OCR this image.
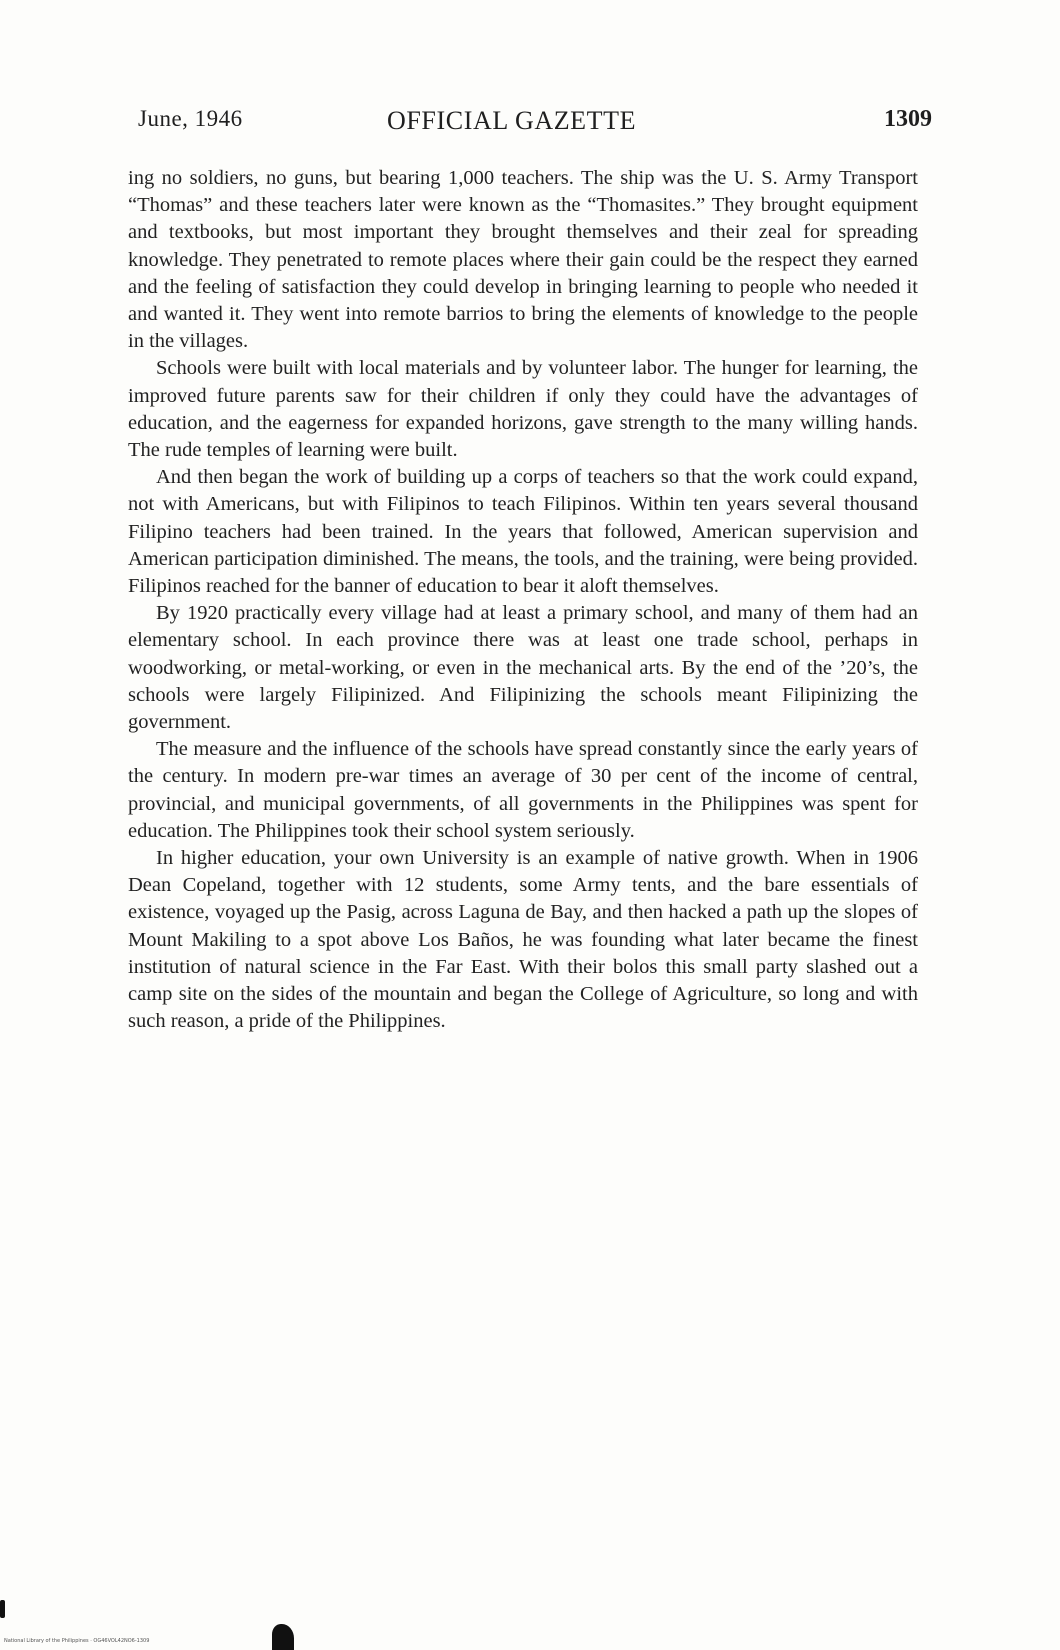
June, 1946	OFFICIAL GAZETTE	1309

ing no soldiers, no guns, but bearing 1,000 teachers. The ship was the U. S. Army Transport “Thomas” and these teachers later were known as the “Thomasites.” They brought equipment and textbooks, but most important they brought themselves and their zeal for spreading knowledge. They penetrated to remote places where their gain could be the respect they earned and the feeling of satisfaction they could develop in bringing learning to people who needed it and wanted it. They went into remote barrios to bring the elements of knowledge to the people in the villages.

Schools were built with local materials and by volunteer labor. The hunger for learning, the improved future parents saw for their children if only they could have the advantages of education, and the eagerness for expanded horizons, gave strength to the many willing hands. The rude temples of learning were built.

And then began the work of building up a corps of teachers so that the work could expand, not with Americans, but with Filipinos to teach Filipinos. Within ten years several thousand Filipino teachers had been trained. In the years that followed, American supervision and American participation diminished. The means, the tools, and the training, were being provided. Filipinos reached for the banner of education to bear it aloft themselves.

By 1920 practically every village had at least a primary school, and many of them had an elementary school. In each province there was at least one trade school, perhaps in woodworking, or metal-working, or even in the mechanical arts. By the end of the ’20’s, the schools were largely Filipinized. And Filipinizing the schools meant Filipinizing the government.

The measure and the influence of the schools have spread constantly since the early years of the century. In modern pre-war times an average of 30 per cent of the income of central, provincial, and municipal governments, of all governments in the Philippines was spent for education. The Philippines took their school system seriously.

In higher education, your own University is an example of native growth. When in 1906 Dean Copeland, together with 12 students, some Army tents, and the bare essentials of existence, voyaged up the Pasig, across Laguna de Bay, and then hacked a path up the slopes of Mount Makiling to a spot above Los Baños, he was founding what later became the finest institution of natural science in the Far East. With their bolos this small party slashed out a camp site on the sides of the mountain and began the College of Agriculture, so long and with such reason, a pride of the Philippines.

National Library of the Philippines · OG46VOL42NO6-1309
